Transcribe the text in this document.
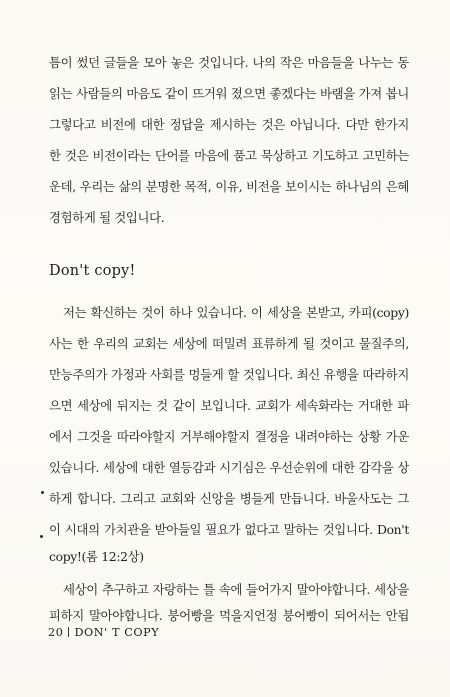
틈이 썼던 글들을 모아 놓은 것입니다. 나의 작은 마음들을 나누는 동
읽는 사람들의 마음도 같이 뜨거워 졌으면 좋겠다는 바램을 가져 봅니
그렇다고 비전에 대한 정답을 제시하는 것은 아닙니다. 다만 한가지
한 것은 비전이라는 단어를 마음에 품고 묵상하고 기도하고 고민하는
운데, 우리는 삶의 분명한 목적, 이유, 비전을 보이시는 하나님의 은혜
경험하게 될 것입니다.
Don't copy!
저는 확신하는 것이 하나 있습니다. 이 세상을 본받고, 카피(copy)
사는 한 우리의 교회는 세상에 떠밀려 표류하게 될 것이고 물질주의,
만능주의가 가정과 사회를 멍들게 할 것입니다. 최신 유행을 따라하지
으면 세상에 뒤지는 것 같이 보입니다. 교회가 세속화라는 거대한 파
에서 그것을 따라야할지 거부해야할지 결정을 내려야하는 상황 가운
있습니다. 세상에 대한 열등감과 시기심은 우선순위에 대한 감각을 상
하게 합니다. 그리고 교회와 신앙을 병들게 만듭니다. 바울사도는 그
이 시대의 가치관을 받아들일 필요가 없다고 말하는 것입니다. Don't
copy!(롬 12:2상)
세상이 추구하고 자랑하는 틀 속에 들어가지 말아야합니다. 세상을
피하지 말아야합니다. 붕어빵을 먹을지언정 붕어빵이 되어서는 안됩
20 DON' T COPY
